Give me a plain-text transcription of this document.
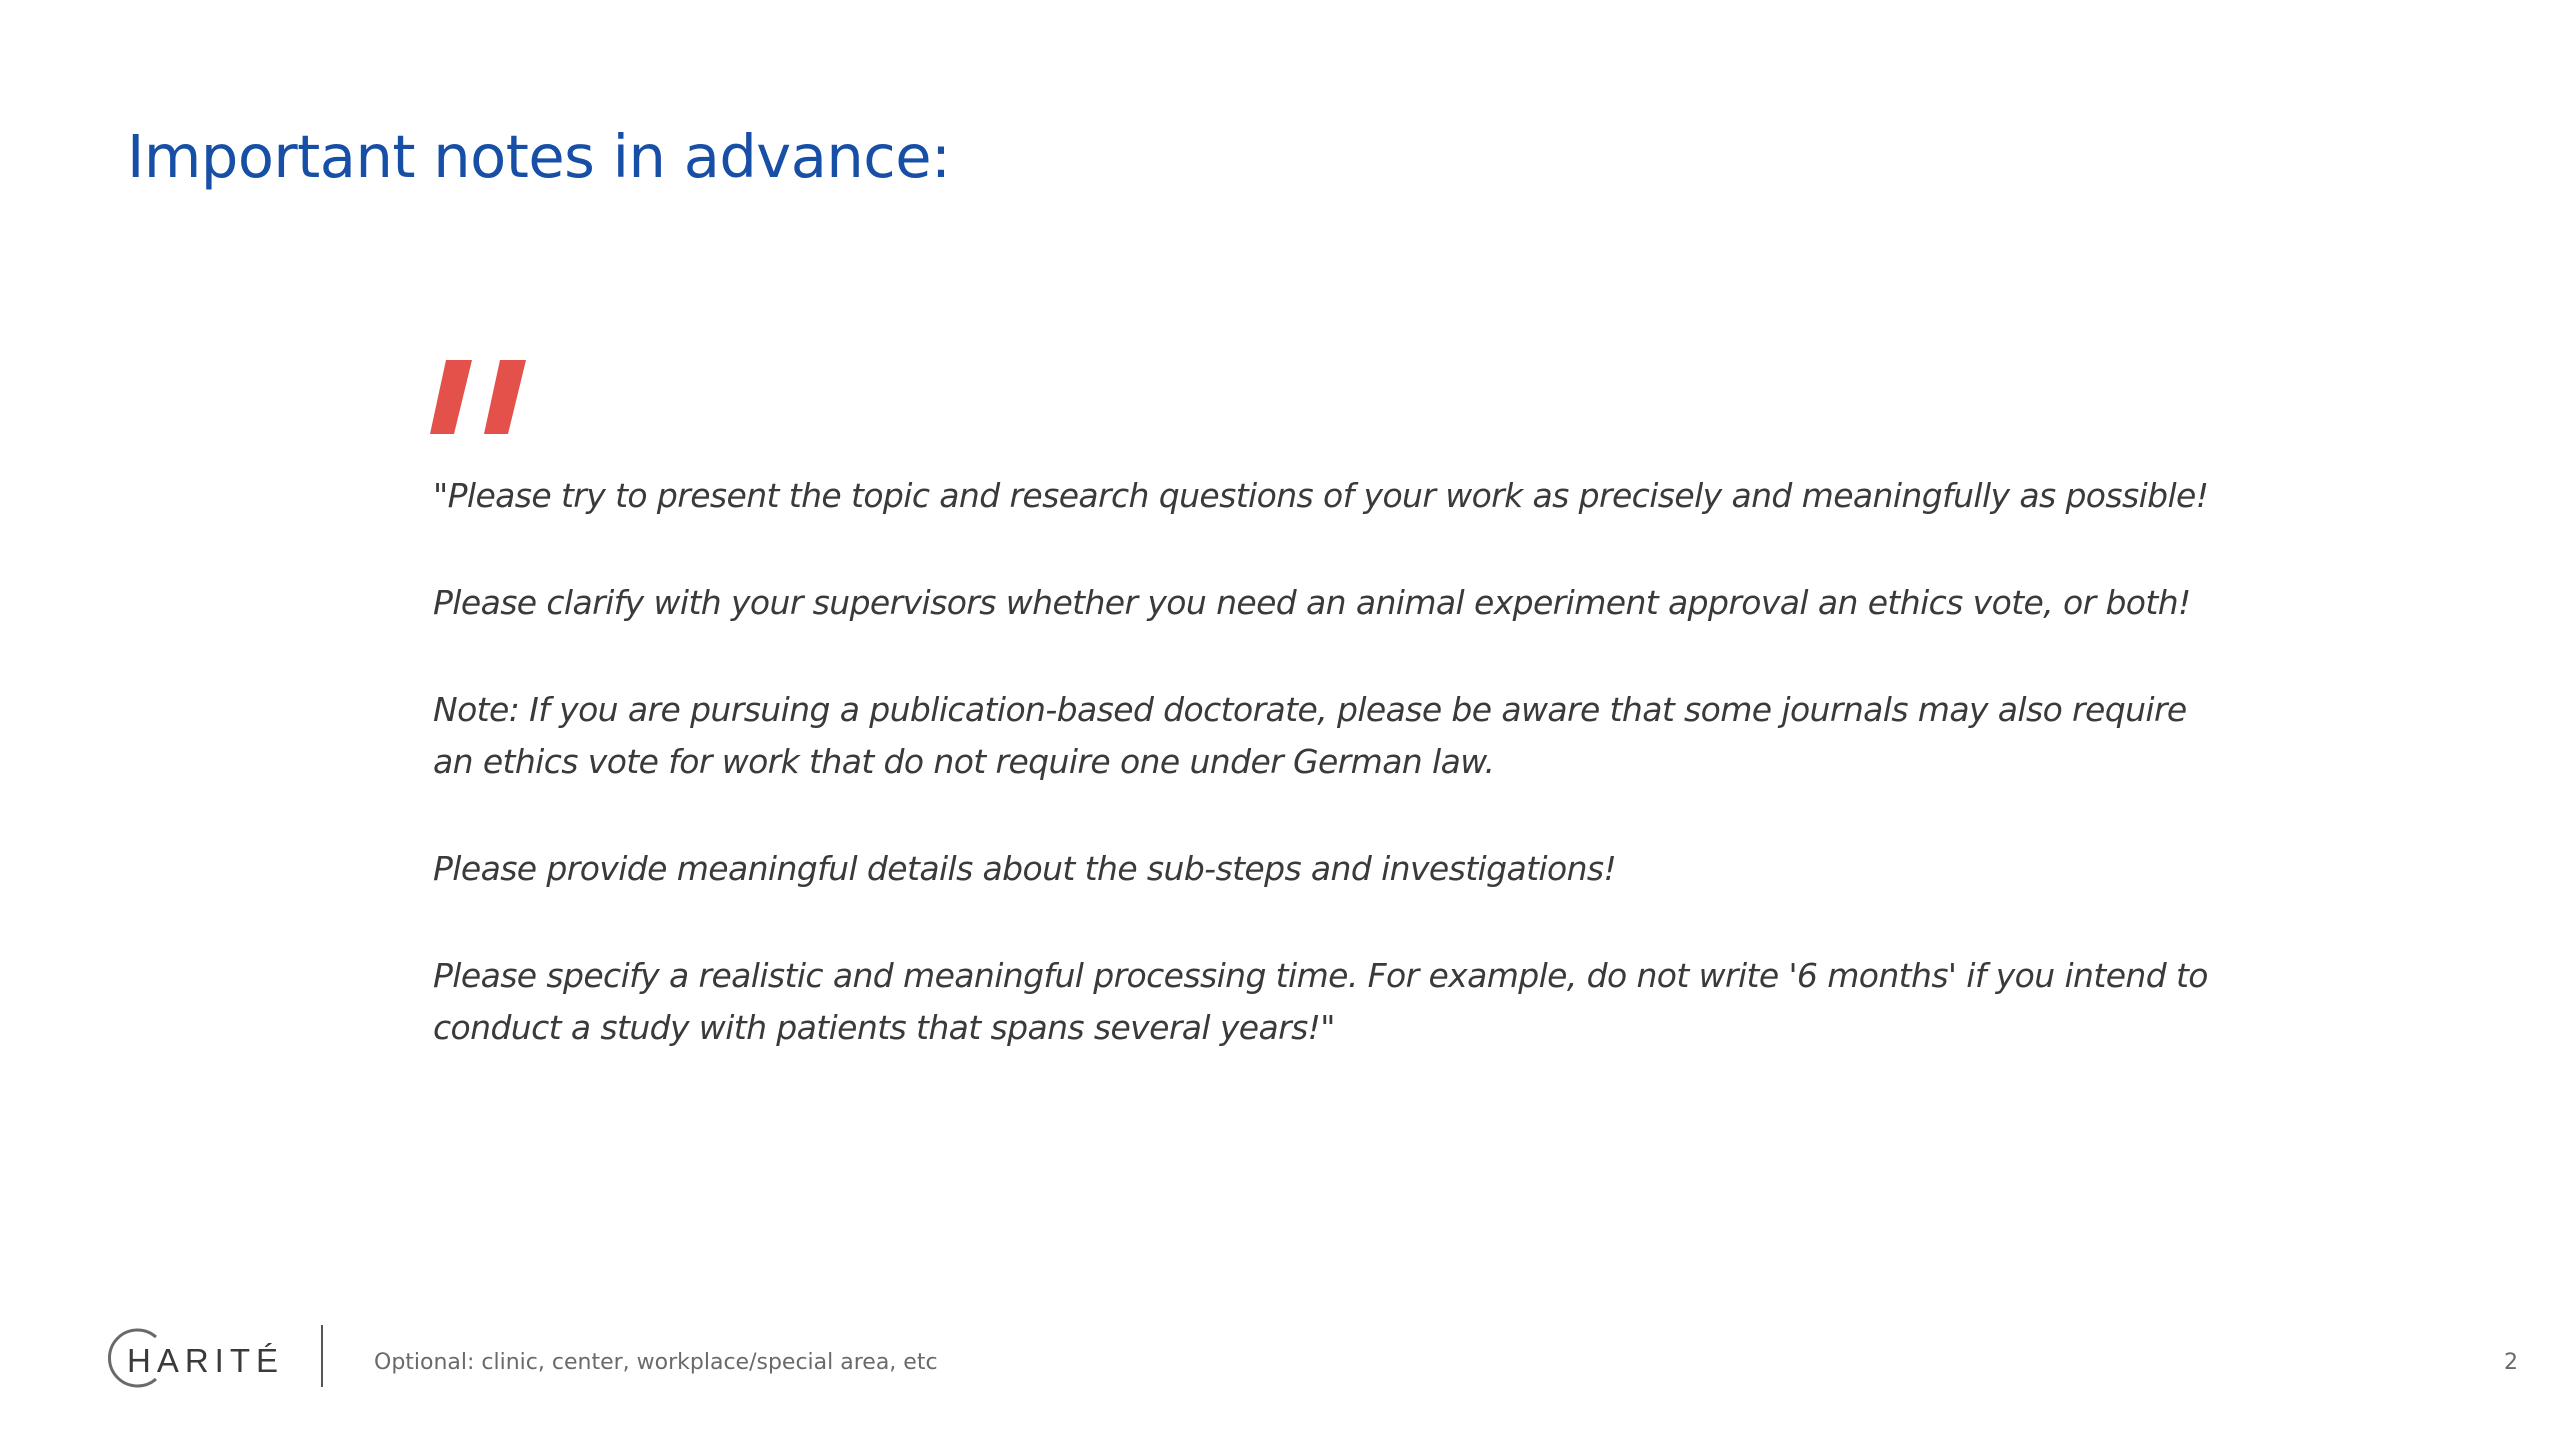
Important notes in advance:

"Please try to present the topic and research questions of your work as precisely and meaningfully as possible!

Please clarify with your supervisors whether you need an animal experiment approval an ethics vote, or both!

Note: If you are pursuing a publication-based doctorate, please be aware that some journals may also require an ethics vote for work that do not require one under German law.

Please provide meaningful details about the sub-steps and investigations!

Please specify a realistic and meaningful processing time. For example, do not write '6 months' if you intend to conduct a study with patients that spans several years!"

HARITÉ	Optional: clinic, center, workplace/special area, etc	2
